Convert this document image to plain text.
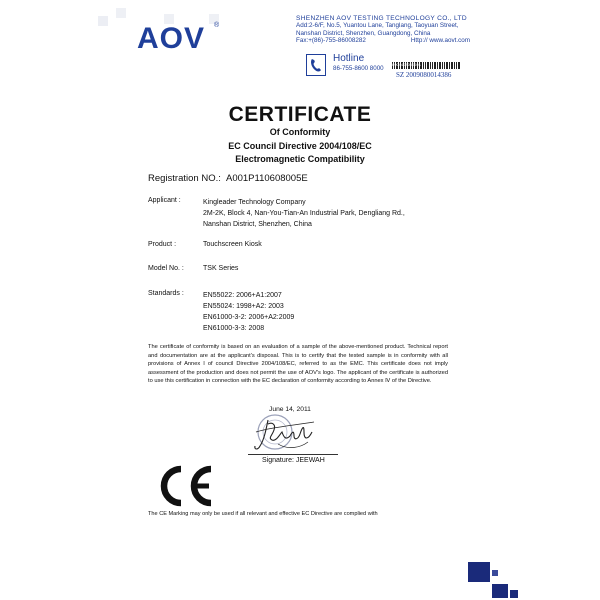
AOV ®
SHENZHEN AOV TESTING TECHNOLOGY CO., LTD
Add:2-6/F, No.5, Yuantou Lane, Tanglang, Taoyuan Street,
Nanshan District, Shenzhen, Guangdong, China
Fax:+(86)-755-86008282	Http:// www.aovt.com
Hotline
86-755-8600 8000
6904408000691
SZ 2009080014386
CERTIFICATE
Of Conformity
EC Council Directive 2004/108/EC
Electromagnetic Compatibility
Registration NO.: A001P110608005E
Applicant :	Kingleader Technology Company
2M-2K, Block 4, Nan-You-Tian-An Industrial Park, Dengliang Rd.,
Nanshan District, Shenzhen, China
Product :	Touchscreen Kiosk
Model No. :	TSK Series
Standards :	EN55022: 2006+A1:2007
EN55024: 1998+A2: 2003
EN61000-3-2: 2006+A2:2009
EN61000-3-3: 2008
The certificate of conformity is based on an evaluation of a sample of the above-mentioned product. Technical report and documentation are at the applicant's disposal. This is to certify that the tested sample is in conformity with all provisions of Annex I of council Directive 2004/108/EC, referred to as the EMC. This certificate does not imply assessment of the production and does not permit the use of AOV's logo. The applicant of the certificate is authorized to use this certification in connection with the EC declaration of conformity according to Annex Ⅳ of the Directive.
June 14, 2011
Signature: JEEWAH
The CE Marking may only be used if all relevant and effective EC Directive are complied with
